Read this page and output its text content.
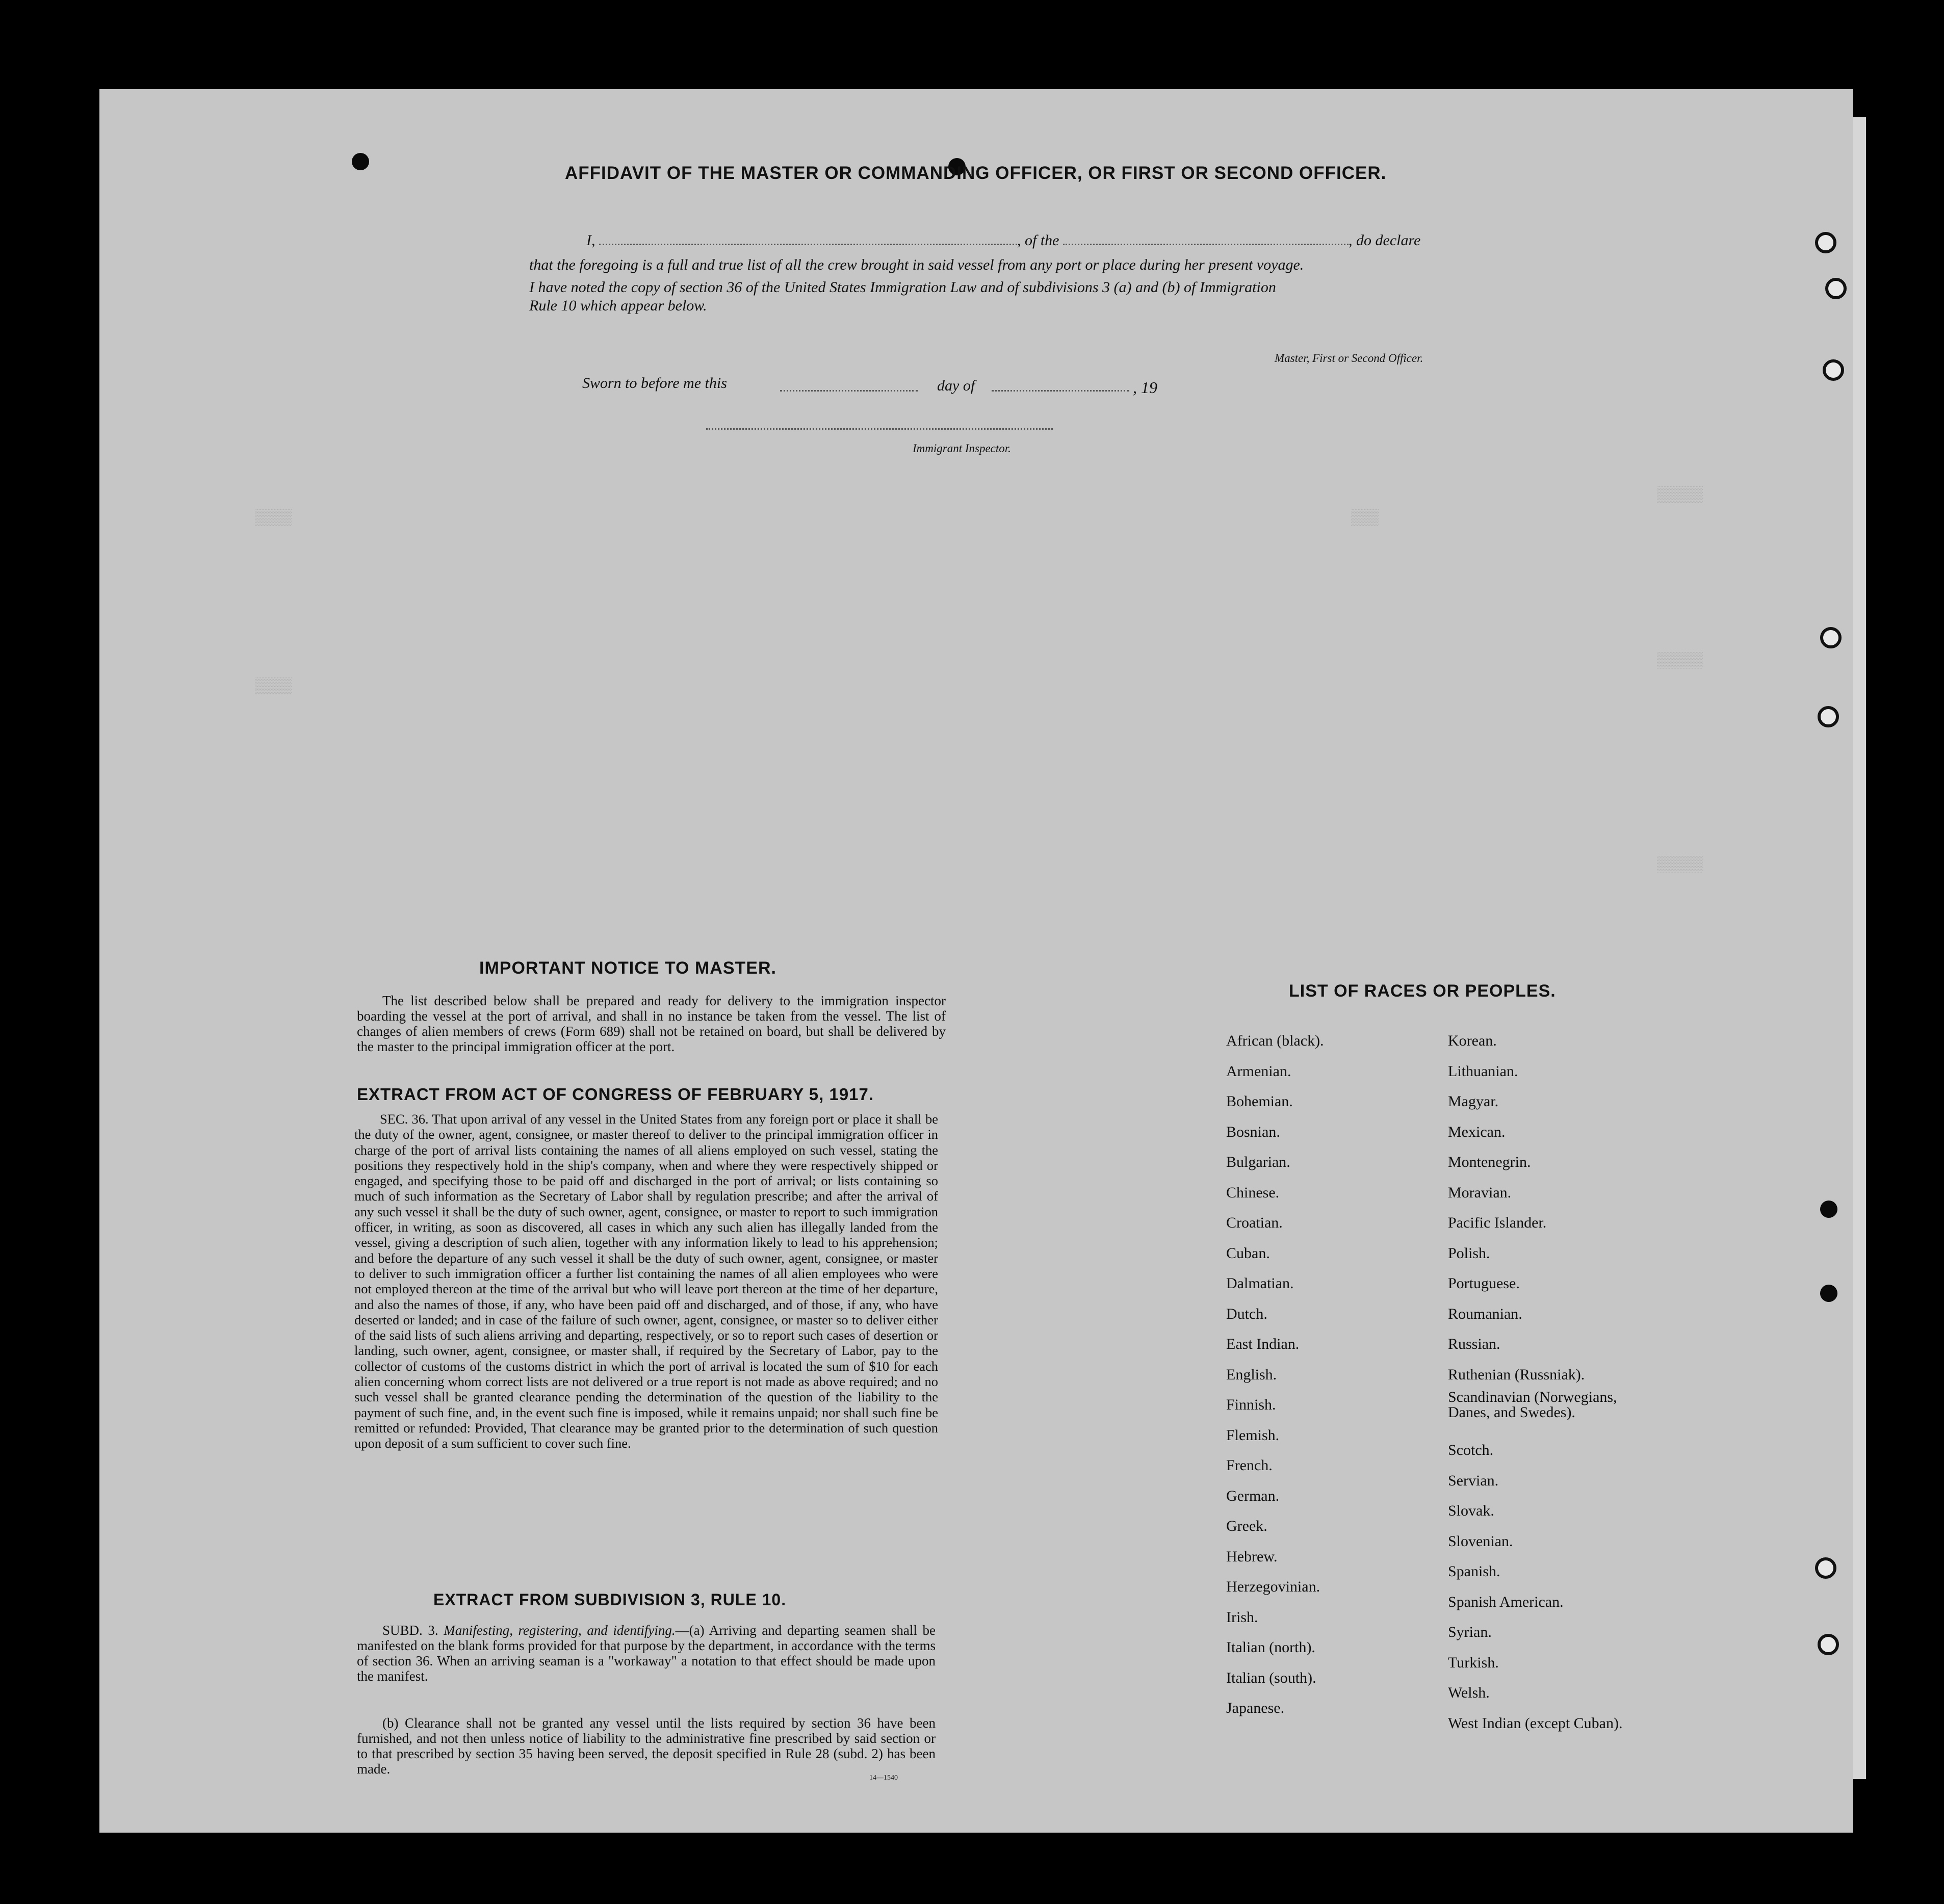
▒▒▒▒▒
▒▒▒▒	▒▒▒
▒▒▒▒▒
▒▒▒▒
▒▒▒▒▒
AFFIDAVIT OF THE MASTER OR COMMANDING OFFICER, OR FIRST OR SECOND OFFICER.
I,	, of the	, do declare
that the foregoing is a full and true list of all the crew brought in said vessel from any port or place during her present voyage.
I have noted the copy of section 36 of the United States Immigration Law and of subdivisions 3 (a) and (b) of Immigration
Rule 10 which appear below.
Master, First or Second Officer.
Sworn to before me this	day of	, 19
Immigrant Inspector.
IMPORTANT NOTICE TO MASTER.
The list described below shall be prepared and ready for delivery to the immigration inspector boarding the vessel at the port of arrival, and shall in no instance be taken from the vessel. The list of changes of alien members of crews (Form 689) shall not be retained on board, but shall be delivered by the master to the principal immigration officer at the port.
EXTRACT FROM ACT OF CONGRESS OF FEBRUARY 5, 1917.
SEC. 36. That upon arrival of any vessel in the United States from any foreign port or place it shall be the duty of the owner, agent, consignee, or master thereof to deliver to the principal immigration officer in charge of the port of arrival lists containing the names of all aliens employed on such vessel, stating the positions they respectively hold in the ship's company, when and where they were respectively shipped or engaged, and specifying those to be paid off and discharged in the port of arrival; or lists containing so much of such information as the Secretary of Labor shall by regulation prescribe; and after the arrival of any such vessel it shall be the duty of such owner, agent, consignee, or master to report to such immigration officer, in writing, as soon as discovered, all cases in which any such alien has illegally landed from the vessel, giving a description of such alien, together with any information likely to lead to his apprehension; and before the departure of any such vessel it shall be the duty of such owner, agent, consignee, or master to deliver to such immigration officer a further list containing the names of all alien employees who were not employed thereon at the time of the arrival but who will leave port thereon at the time of her departure, and also the names of those, if any, who have been paid off and discharged, and of those, if any, who have deserted or landed; and in case of the failure of such owner, agent, consignee, or master so to deliver either of the said lists of such aliens arriving and departing, respectively, or so to report such cases of desertion or landing, such owner, agent, consignee, or master shall, if required by the Secretary of Labor, pay to the collector of customs of the customs district in which the port of arrival is located the sum of $10 for each alien concerning whom correct lists are not delivered or a true report is not made as above required; and no such vessel shall be granted clearance pending the determination of the question of the liability to the payment of such fine, and, in the event such fine is imposed, while it remains unpaid; nor shall such fine be remitted or refunded: Provided, That clearance may be granted prior to the determination of such question upon deposit of a sum sufficient to cover such fine.
EXTRACT FROM SUBDIVISION 3, RULE 10.
SUBD. 3. Manifesting, registering, and identifying.—(a) Arriving and departing seamen shall be manifested on the blank forms provided for that purpose by the department, in accordance with the terms of section 36. When an arriving seaman is a "workaway" a notation to that effect should be made upon the manifest.
(b) Clearance shall not be granted any vessel until the lists required by section 36 have been furnished, and not then unless notice of liability to the administrative fine prescribed by said section or to that prescribed by section 35 having been served, the deposit specified in Rule 28 (subd. 2) has been made.
14—1540
LIST OF RACES OR PEOPLES.
African (black).
Armenian.
Bohemian.
Bosnian.
Bulgarian.
Chinese.
Croatian.
Cuban.
Dalmatian.
Dutch.
East Indian.
English.
Finnish.
Flemish.
French.
German.
Greek.
Hebrew.
Herzegovinian.
Irish.
Italian (north).
Italian (south).
Japanese.
Korean.
Lithuanian.
Magyar.
Mexican.
Montenegrin.
Moravian.
Pacific Islander.
Polish.
Portuguese.
Roumanian.
Russian.
Ruthenian (Russniak).
Scandinavian (Norwegians, Danes, and Swedes).
Scotch.
Servian.
Slovak.
Slovenian.
Spanish.
Spanish American.
Syrian.
Turkish.
Welsh.
West Indian (except Cuban).
